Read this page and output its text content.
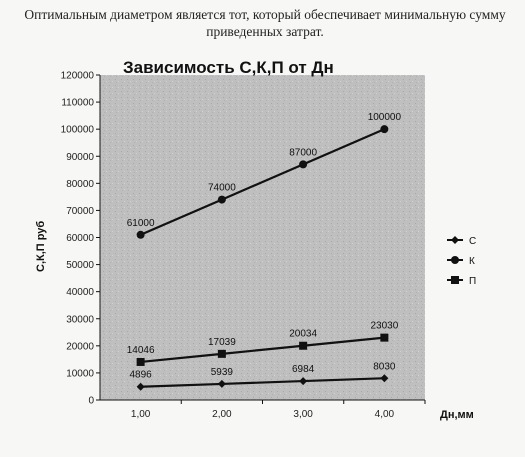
Оптимальным диаметром является тот, который обеспечивает минимальную сумму
приведенных затрат.
0
10000
20000
30000
40000
50000
60000
70000
80000
90000
100000
110000
120000
1,00	2,00	3,00	4,00
4896	5939	6984	8030
61000
74000
87000
100000
14046
17039
20034
23030
Зависимость С,К,П от Дн
Дн,мм
С,К,П руб	С
К
П
